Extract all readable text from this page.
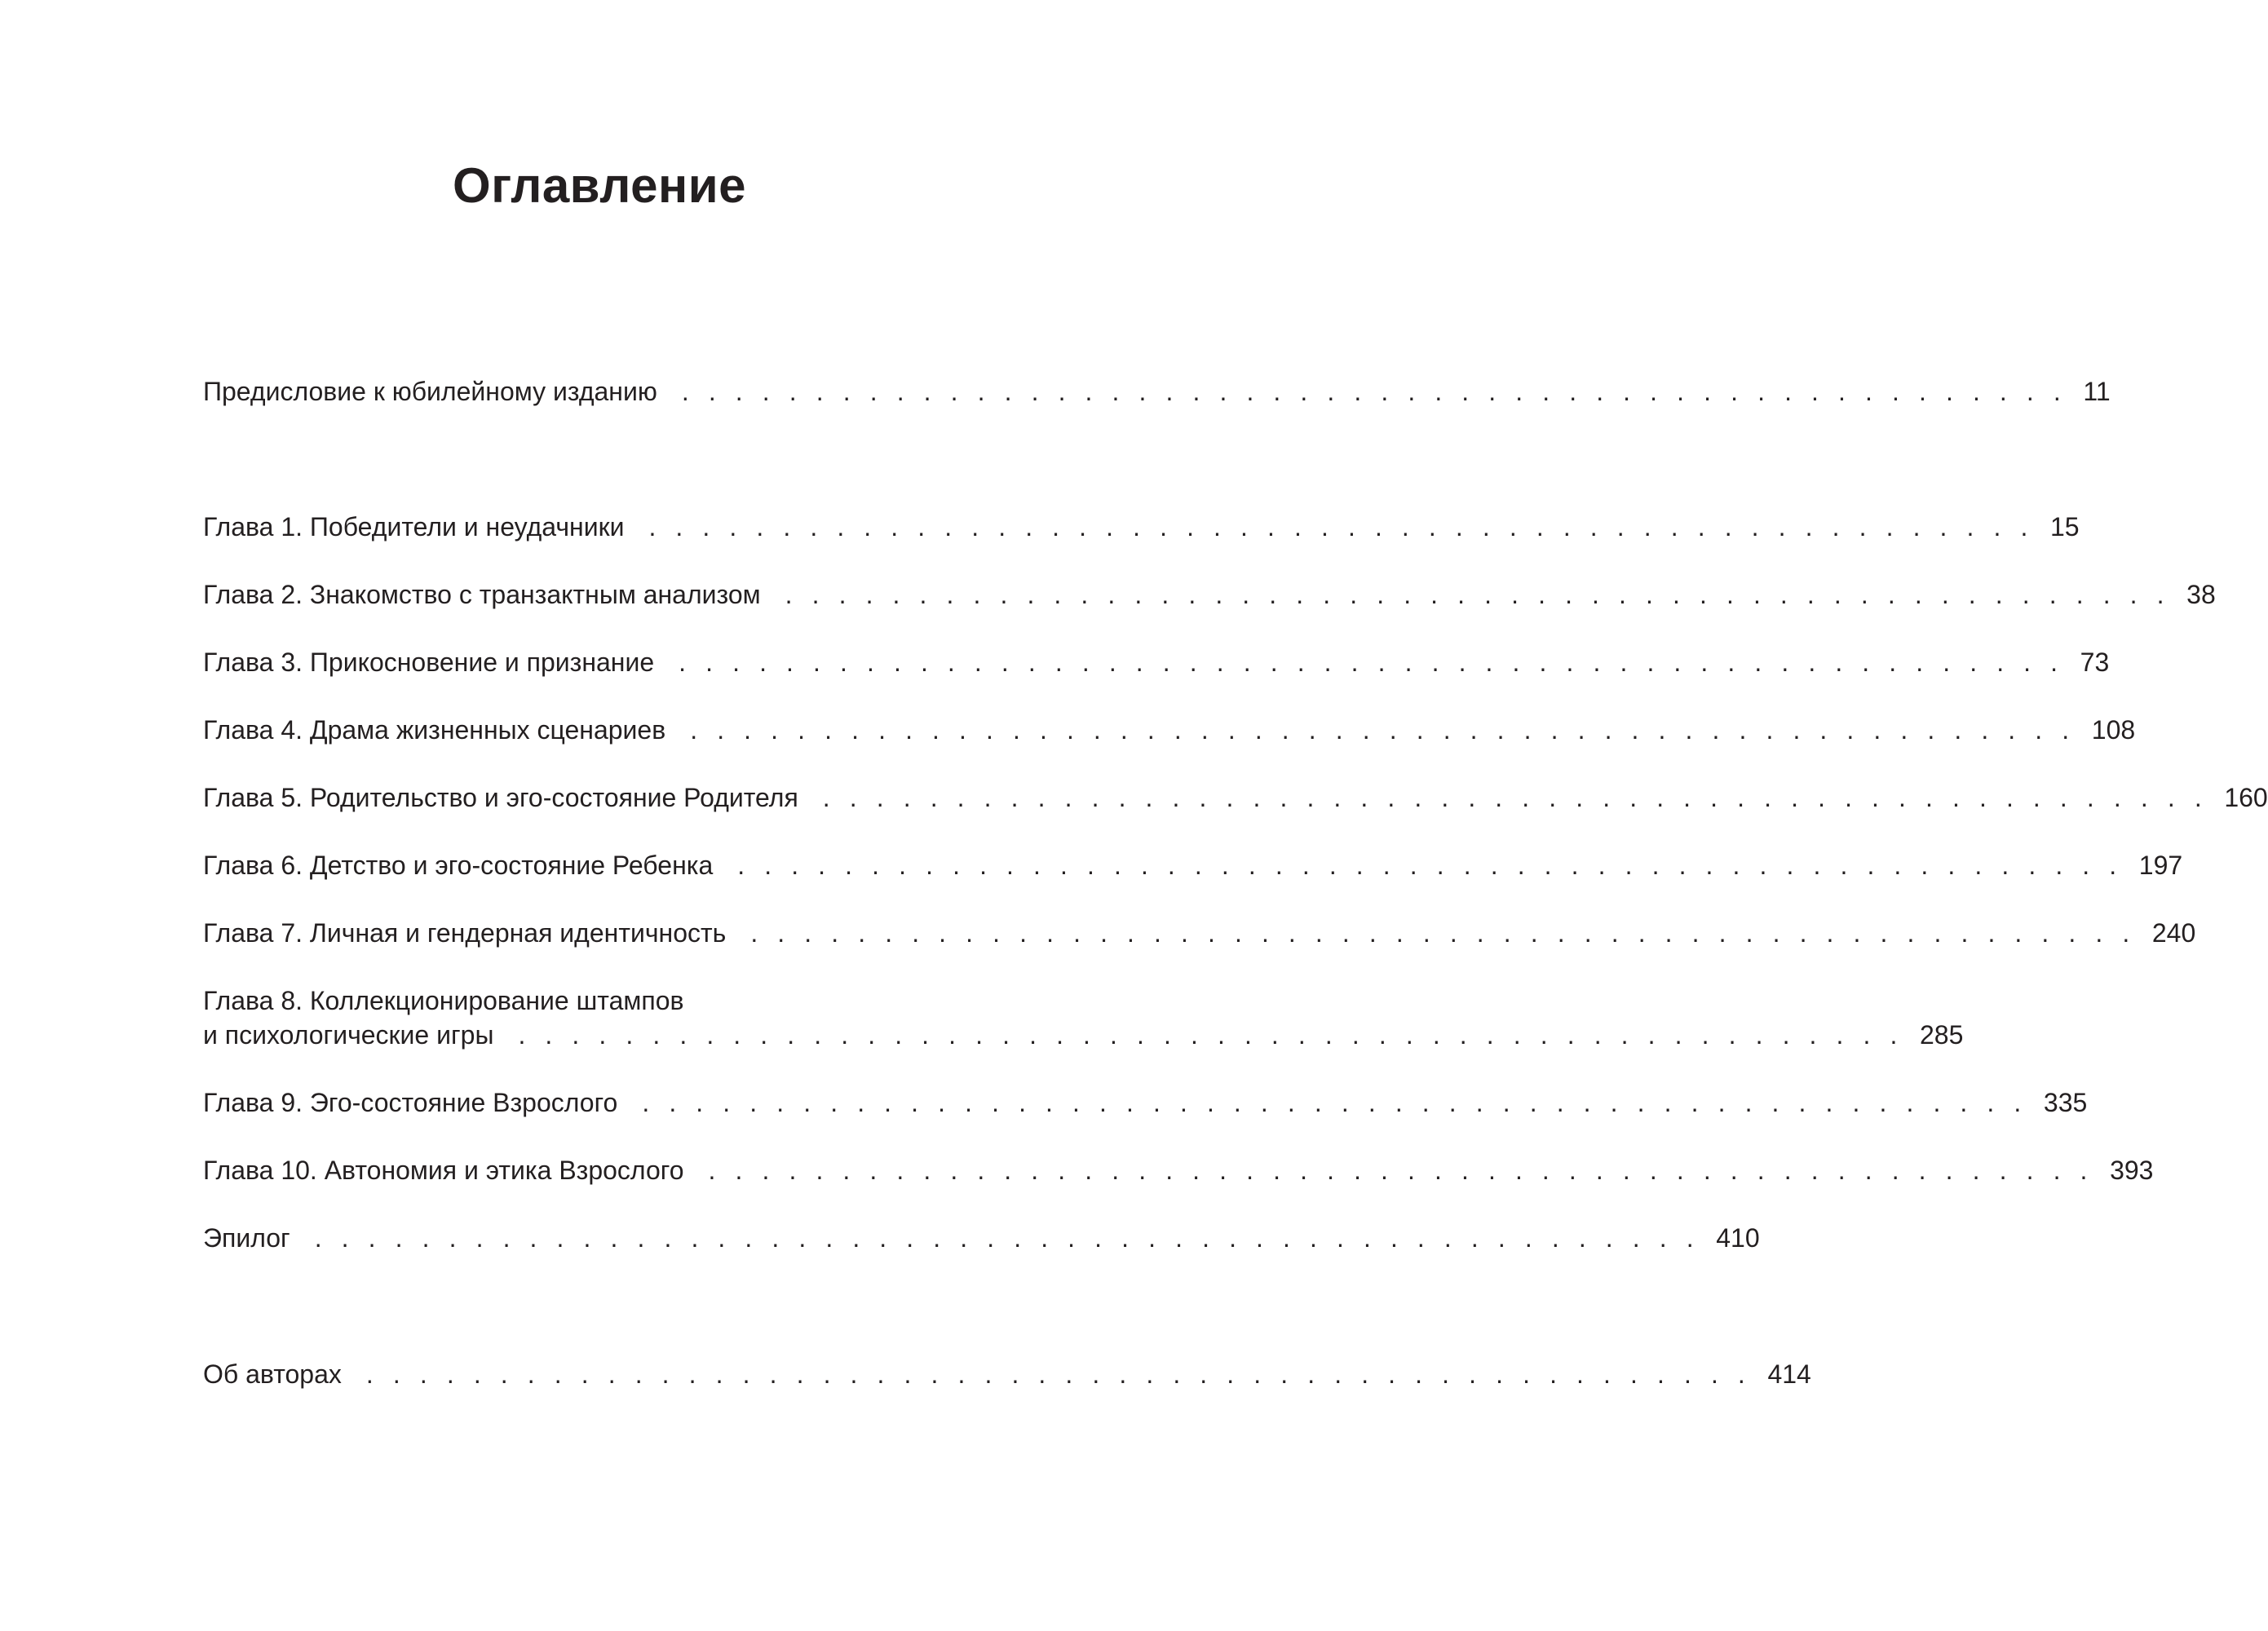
Оглавление
Предисловие к юбилейному изданию . . . . . . . . . . . . . . . . . . . . . . . . . . . . . . . . . . . . . . . . . . . . . . . . . . . . 11
Глава 1. Победители и неудачники . . . . . . . . . . . . . . . . . . . . . . . . . . . . . . . . . . . . . . . . . . . . . . . . . . . . 15
Глава 2. Знакомство с транзактным анализом . . . . . . . . . . . . . . . . . . . . . . . . . . . . . . . . . . . . . . . . . . . . . . . . . . . . 38
Глава 3. Прикосновение и признание . . . . . . . . . . . . . . . . . . . . . . . . . . . . . . . . . . . . . . . . . . . . . . . . . . . . 73
Глава 4. Драма жизненных сценариев . . . . . . . . . . . . . . . . . . . . . . . . . . . . . . . . . . . . . . . . . . . . . . . . . . . . 108
Глава 5. Родительство и эго-состояние Родителя . . . . . . . . . . . . . . . . . . . . . . . . . . . . . . . . . . . . . . . . . . . . . . . . . . . . 160
Глава 6. Детство и эго-состояние Ребенка . . . . . . . . . . . . . . . . . . . . . . . . . . . . . . . . . . . . . . . . . . . . . . . . . . . . 197
Глава 7. Личная и гендерная идентичность . . . . . . . . . . . . . . . . . . . . . . . . . . . . . . . . . . . . . . . . . . . . . . . . . . . . 240
Глава 8. Коллекционирование штампов
и психологические игры . . . . . . . . . . . . . . . . . . . . . . . . . . . . . . . . . . . . . . . . . . . . . . . . . . . . 285
Глава 9. Эго-состояние Взрослого . . . . . . . . . . . . . . . . . . . . . . . . . . . . . . . . . . . . . . . . . . . . . . . . . . . . 335
Глава 10. Автономия и этика Взрослого . . . . . . . . . . . . . . . . . . . . . . . . . . . . . . . . . . . . . . . . . . . . . . . . . . . . 393
Эпилог . . . . . . . . . . . . . . . . . . . . . . . . . . . . . . . . . . . . . . . . . . . . . . . . . . . . 410
Об авторах . . . . . . . . . . . . . . . . . . . . . . . . . . . . . . . . . . . . . . . . . . . . . . . . . . . . 414
